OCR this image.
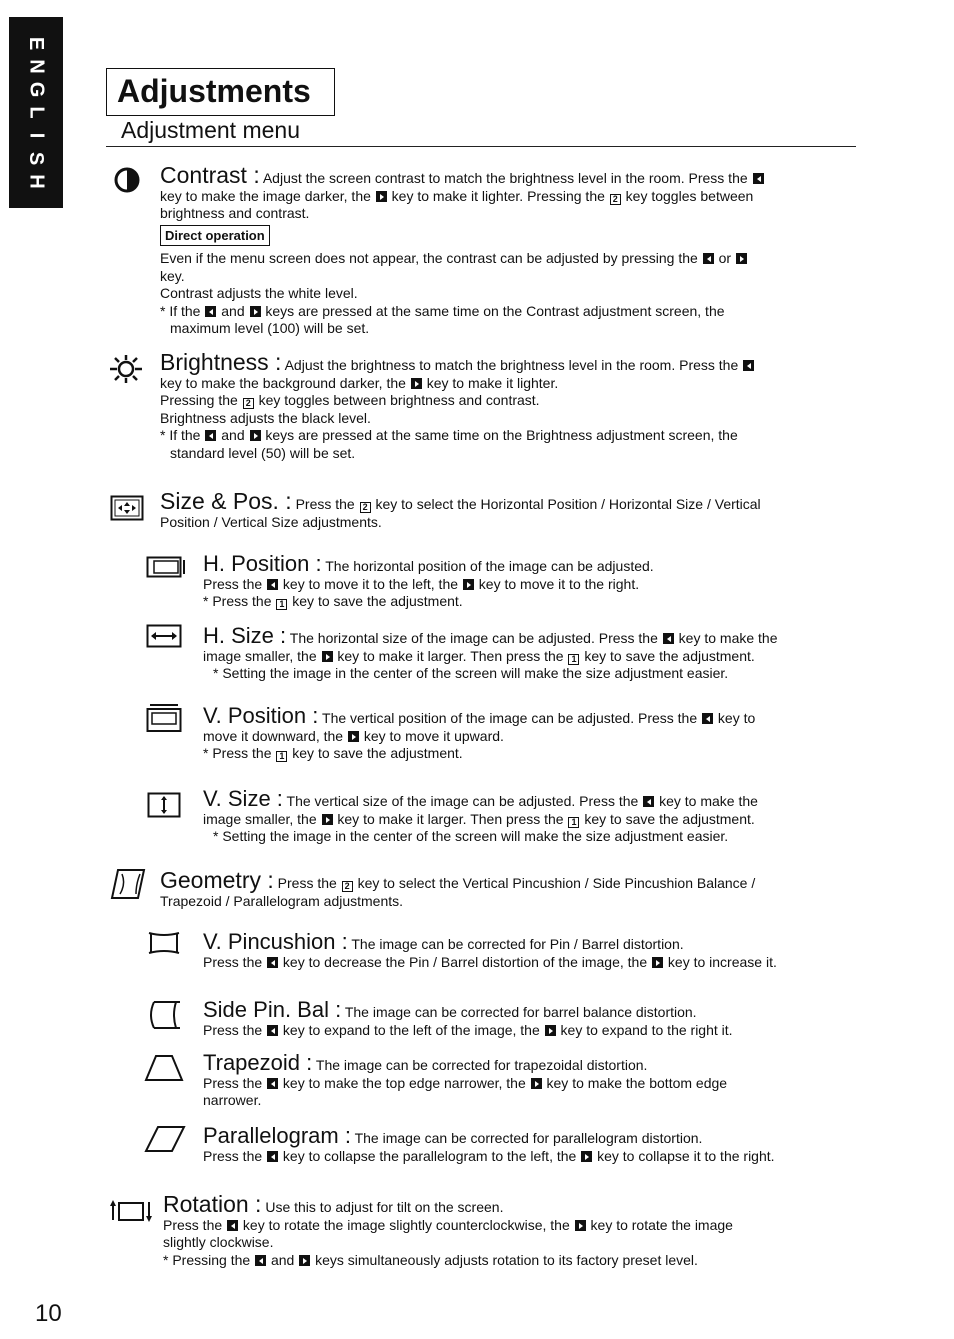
E
N
G
L
I
S
H
Adjustments
Adjustment menu

Contrast : Adjust the screen contrast to match the brightness level in the room. Press the

key to make the image darker, the key to make it lighter. Pressing the 2 key toggles between

brightness and contrast.

Direct operation

Even if the menu screen does not appear, the contrast can be adjusted by pressing the or

key.

Contrast adjusts the white level.

* If the and keys are pressed at the same time on the Contrast adjustment screen, the

maximum level (100) will be set.

Brightness : Adjust the brightness to match the brightness level in the room. Press the

key to make the background darker, the key to make it lighter.

Pressing the 2 key toggles between brightness and contrast.

Brightness adjusts the black level.

* If the and keys are pressed at the same time on the Brightness adjustment screen, the

standard level (50) will be set.

Size & Pos. : Press the 2 key to select the Horizontal Position / Horizontal Size / Vertical

Position / Vertical Size adjustments.

H. Position : The horizontal position of the image can be adjusted.

Press the key to move it to the left, the key to move it to the right.

* Press the 1 key to save the adjustment.

H. Size : The horizontal size of the image can be adjusted. Press the key to make the

image smaller, the key to make it larger. Then press the 1 key to save the adjustment.

* Setting the image in the center of the screen will make the size adjustment easier.

V. Position : The vertical position of the image can be adjusted. Press the key to

move it downward, the key to move it upward.

* Press the 1 key to save the adjustment.

V. Size : The vertical size of the image can be adjusted. Press the key to make the

image smaller, the key to make it larger. Then press the 1 key to save the adjustment.

* Setting the image in the center of the screen will make the size adjustment easier.

Geometry : Press the 2 key to select the Vertical Pincushion / Side Pincushion Balance /

Trapezoid / Parallelogram adjustments.

V. Pincushion : The image can be corrected for Pin / Barrel distortion.

Press the key to decrease the Pin / Barrel distortion of the image, the key to increase it.

Side Pin. Bal : The image can be corrected for barrel balance distortion.

Press the key to expand to the left of the image, the key to expand to the right it.

Trapezoid : The image can be corrected for trapezoidal distortion.

Press the key to make the top edge narrower, the key to make the bottom edge

narrower.

Parallelogram : The image can be corrected for parallelogram distortion.

Press the key to collapse the parallelogram to the left, the key to collapse it to the right.

Rotation : Use this to adjust for tilt on the screen.

Press the key to rotate the image slightly counterclockwise, the key to rotate the image

slightly clockwise.

* Pressing the and keys simultaneously adjusts rotation to its factory preset level.

10
